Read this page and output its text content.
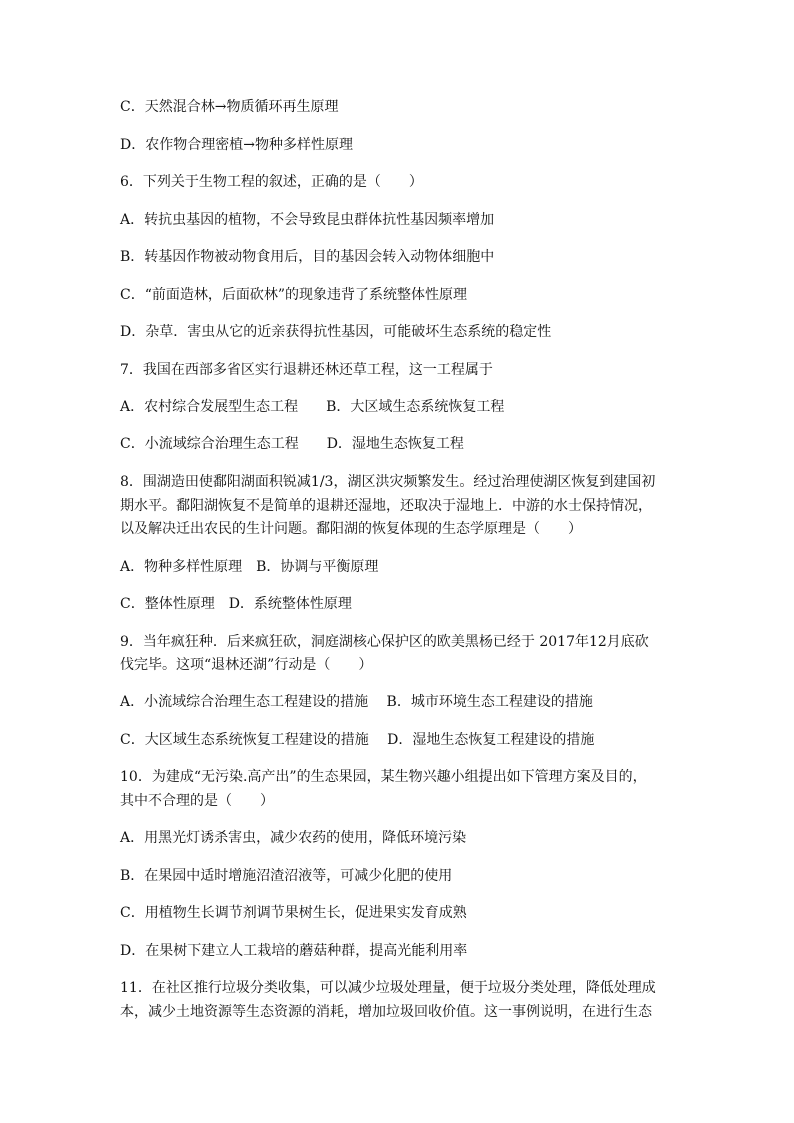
C．天然混合林→物质循环再生原理
D．农作物合理密植→物种多样性原理
6．下列关于生物工程的叙述，正确的是（　　）
A．转抗虫基因的植物，不会导致昆虫群体抗性基因频率增加
B．转基因作物被动物食用后，目的基因会转入动物体细胞中
C．“前面造林，后面砍林”的现象违背了系统整体性原理
D．杂草．害虫从它的近亲获得抗性基因，可能破坏生态系统的稳定性
7．我国在西部多省区实行退耕还林还草工程，这一工程属于
A．农村综合发展型生态工程　　B．大区域生态系统恢复工程
C．小流域综合治理生态工程　　D．湿地生态恢复工程
8．围湖造田使鄱阳湖面积锐减1/3，湖区洪灾频繁发生。经过治理使湖区恢复到建国初
期水平。鄱阳湖恢复不是简单的退耕还湿地，还取决于湿地上．中游的水士保持情况，
以及解决迁出农民的生计问题。鄱阳湖的恢复体现的生态学原理是（　　）
A．物种多样性原理　B．协调与平衡原理
C．整体性原理　D．系统整体性原理
9．当年疯狂种．后来疯狂砍，洞庭湖核心保护区的欧美黑杨已经于 2017年12月底砍
伐完毕。这项“退林还湖”行动是（　　）
A．小流域综合治理生态工程建设的措施　 B．城市环境生态工程建设的措施
C．大区域生态系统恢复工程建设的措施　 D．湿地生态恢复工程建设的措施
10．为建成“无污染.高产出”的生态果园，某生物兴趣小组提出如下管理方案及目的，
其中不合理的是（　　）
A．用黑光灯诱杀害虫，减少农药的使用，降低环境污染
B．在果园中适时增施沼渣沼液等，可减少化肥的使用
C．用植物生长调节剂调节果树生长，促进果实发育成熟
D．在果树下建立人工栽培的蘑菇种群，提高光能利用率
11．在社区推行垃圾分类收集，可以减少垃圾处理量，便于垃圾分类处理，降低处理成
本，减少土地资源等生态资源的消耗，增加垃圾回收价值。这一事例说明，在进行生态
